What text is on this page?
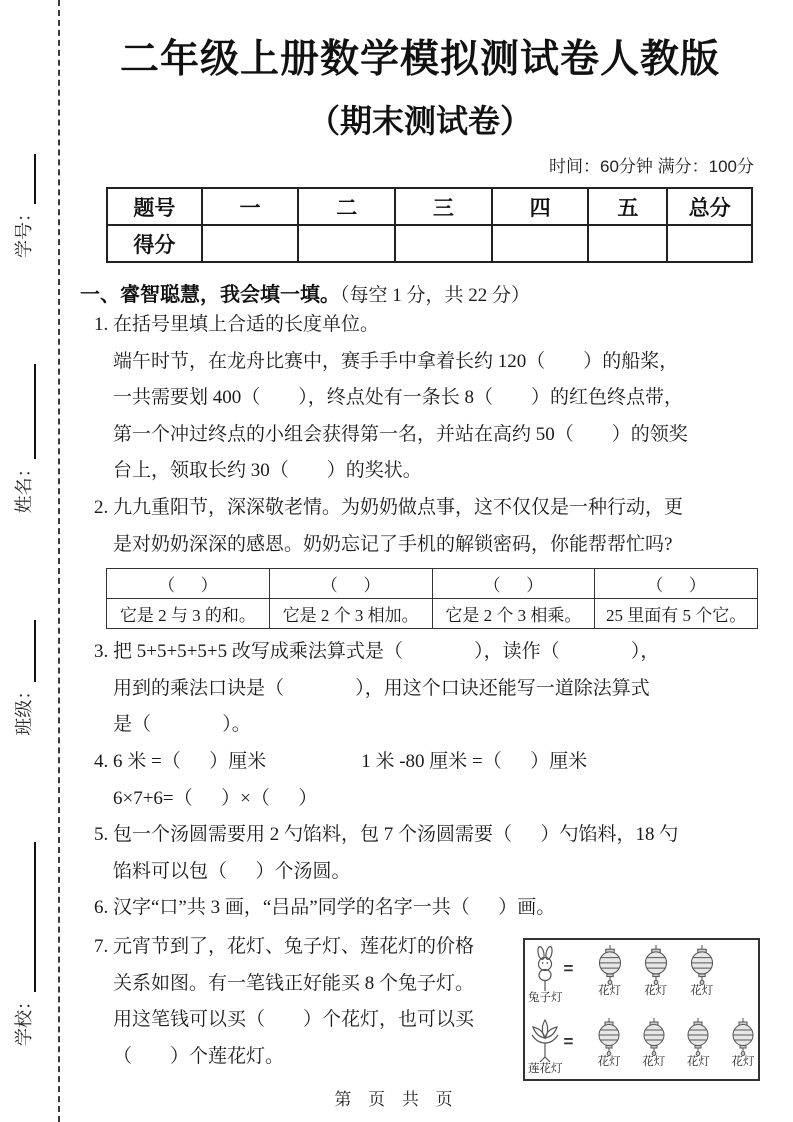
学校：
班级：
姓名：
学号：
二年级上册数学模拟测试卷人教版
（期末测试卷）
时间：60分钟 满分：100分
题号	一	二	三	四	五	总分
得分						
一、睿智聪慧，我会填一填。（每空 1 分，共 22 分）
1. 在括号里填上合适的长度单位。
端午时节，在龙舟比赛中，赛手手中拿着长约 120（        ）的船桨，
一共需要划 400（        ），终点处有一条长 8（        ）的红色终点带，
第一个冲过终点的小组会获得第一名，并站在高约 50（        ）的领奖
台上，领取长约 30（        ）的奖状。
2. 九九重阳节，深深敬老情。为奶奶做点事，这不仅仅是一种行动，更
是对奶奶深深的感恩。奶奶忘记了手机的解锁密码，你能帮帮忙吗?
（      ）	（      ）	（      ）	（      ）
它是 2 与 3 的和。	它是 2 个 3 相加。	它是 2 个 3 相乘。	25 里面有 5 个它。
3. 把 5+5+5+5+5 改写成乘法算式是（               ），读作（               ），
用到的乘法口诀是（               ），用这个口诀还能写一道除法算式
是（               ）。
4. 6 米 =（      ）厘米                    1 米 -80 厘米 =（      ）厘米
6×7+6=（      ）×（      ）
5. 包一个汤圆需要用 2 勺馅料，包 7 个汤圆需要（      ）勺馅料，18 勺
馅料可以包（      ）个汤圆。
6. 汉字“口”共 3 画，“吕品”同学的名字一共（      ）画。
7. 元宵节到了，花灯、兔子灯、莲花灯的价格
关系如图。有一笔钱正好能买 8 个兔子灯。
用这笔钱可以买（        ）个花灯，也可以买
（        ）个莲花灯。
兔子灯
=
花灯 花灯 花灯
莲花灯
=
花灯 花灯 花灯 花灯
第 页 共 页
